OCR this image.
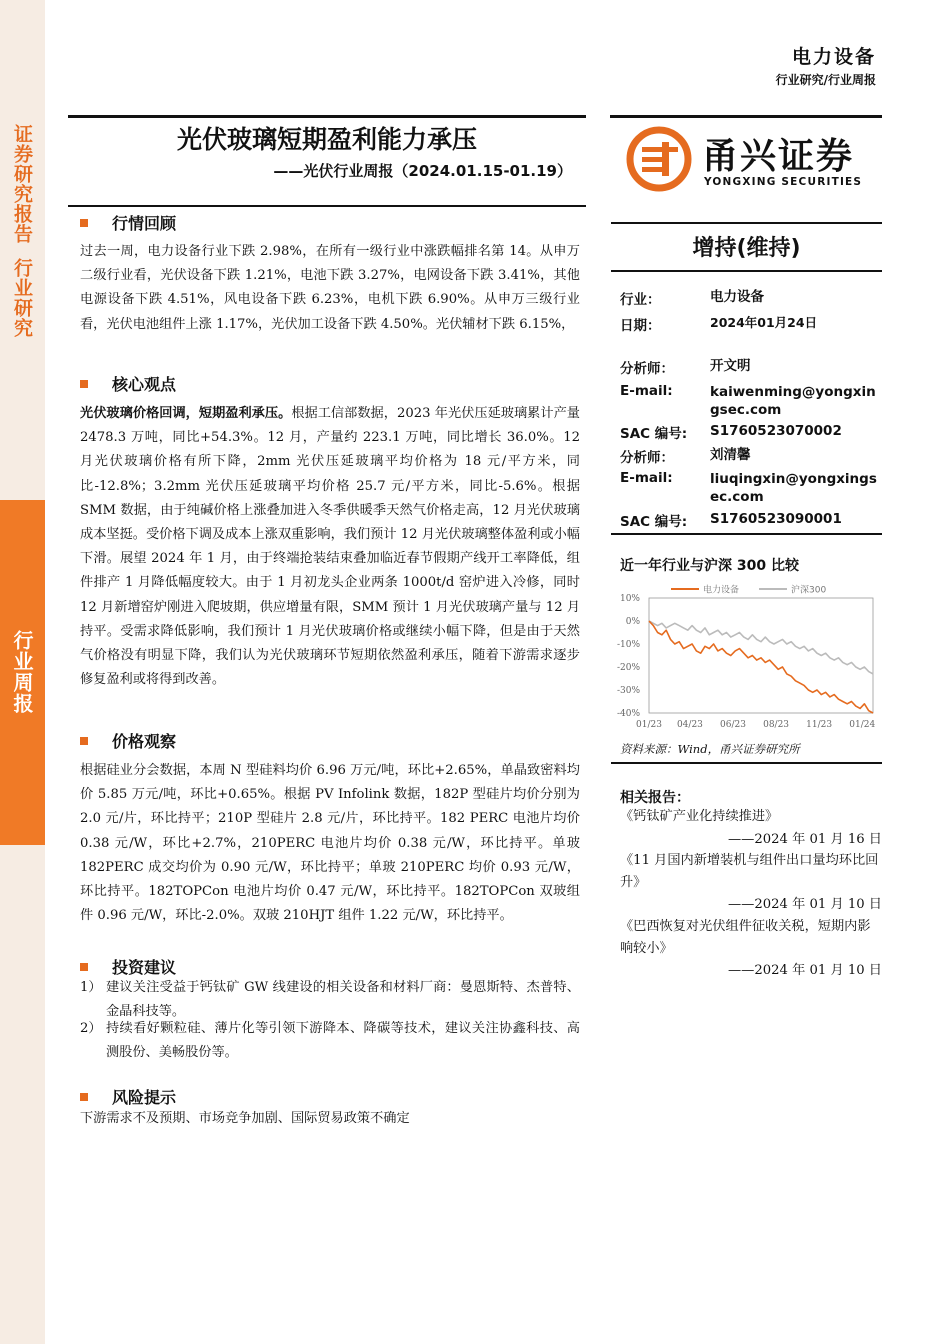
证券研究报告
行业研究
行业周报
电力设备
行业研究/行业周报
光伏玻璃短期盈利能力承压
——光伏行业周报（2024.01.15-01.19）	甬兴证券
YONGXING SECURITIES
行情回顾
过去一周，电力设备行业下跌 2.98%，在所有一级行业中涨跌幅排名第 14。从申万二级行业看，光伏设备下跌 1.21%，电池下跌 3.27%，电网设备下跌 3.41%，其他电源设备下跌 4.51%，风电设备下跌 6.23%，电机下跌 6.90%。从申万三级行业看，光伏电池组件上涨 1.17%，光伏加工设备下跌 4.50%。光伏辅材下跌 6.15%，
核心观点
光伏玻璃价格回调，短期盈利承压。根据工信部数据，2023 年光伏压延玻璃累计产量 2478.3 万吨，同比+54.3%。12 月，产量约 223.1 万吨，同比增长 36.0%。12 月光伏玻璃价格有所下降，2mm 光伏压延玻璃平均价格为 18 元/平方米，同比-12.8%；3.2mm 光伏压延玻璃平均价格 25.7 元/平方米，同比-5.6%。根据 SMM 数据，由于纯碱价格上涨叠加进入冬季供暖季天然气价格走高，12 月光伏玻璃成本坚挺。受价格下调及成本上涨双重影响，我们预计 12 月光伏玻璃整体盈利或小幅下滑。展望 2024 年 1 月，由于终端抢装结束叠加临近春节假期产线开工率降低，组件排产 1 月降低幅度较大。由于 1 月初龙头企业两条 1000t/d 窑炉进入冷修，同时 12 月新增窑炉刚进入爬坡期，供应增量有限，SMM 预计 1 月光伏玻璃产量与 12 月持平。受需求降低影响，我们预计 1 月光伏玻璃价格或继续小幅下降，但是由于天然气价格没有明显下降，我们认为光伏玻璃环节短期依然盈利承压，随着下游需求逐步修复盈利或将得到改善。
价格观察
根据硅业分会数据，本周 N 型硅料均价 6.96 万元/吨，环比+2.65%，单晶致密料均价 5.85 万元/吨，环比+0.65%。根据 PV Infolink 数据，182P 型硅片均价分别为 2.0 元/片，环比持平；210P 型硅片 2.8 元/片，环比持平。182 PERC 电池片均价 0.38 元/W，环比+2.7%，210PERC 电池片均价 0.38 元/W，环比持平。单玻 182PERC 成交均价为 0.90 元/W，环比持平；单玻 210PERC 均价 0.93 元/W，环比持平。182TOPCon 电池片均价 0.47 元/W，环比持平。182TOPCon 双玻组件 0.96 元/W，环比-2.0%。双玻 210HJT 组件 1.22 元/W，环比持平。
投资建议
1） 建议关注受益于钙钛矿 GW 线建设的相关设备和材料厂商：曼恩斯特、杰普特、金晶科技等。
2） 持续看好颗粒硅、薄片化等引领下游降本、降碳等技术，建议关注协鑫科技、高测股份、美畅股份等。
风险提示
下游需求不及预期、市场竞争加剧、国际贸易政策不确定
增持(维持)
行业：	电力设备
日期：	2024年01月24日
分析师：	开文明
E-mail:	kaiwenming@yongxingsec.com
SAC 编号:	S1760523070002
分析师：	刘清馨
E-mail:	liuqingxin@yongxingsec.com
SAC 编号:	S1760523090001
近一年行业与沪深 300 比较
电力设备	沪深300
10%
0%
-10%
-20%
-30%
-40%
01/23 04/23 06/23 08/23 11/23 01/24
资料来源：Wind，甬兴证券研究所
相关报告：
《钙钛矿产业化持续推进》
——2024 年 01 月 16 日
《11 月国内新增装机与组件出口量均环比回升》
——2024 年 01 月 10 日
《巴西恢复对光伏组件征收关税，短期内影响较小》
——2024 年 01 月 10 日
